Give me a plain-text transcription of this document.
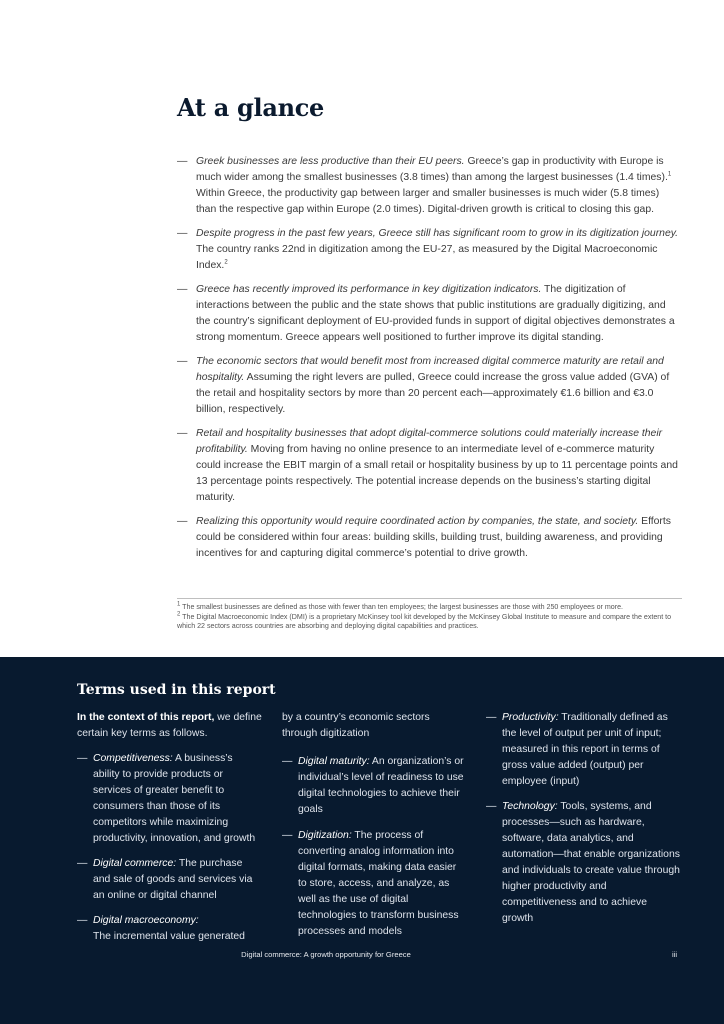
At a glance
— Greek businesses are less productive than their EU peers. Greece’s gap in productivity with Europe is much wider among the smallest businesses (3.8 times) than among the largest businesses (1.4 times).$^1$ Within Greece, the productivity gap between larger and smaller businesses is much wider (5.8 times) than the respective gap within Europe (2.0 times). Digital-driven growth is critical to closing this gap.
— Despite progress in the past few years, Greece still has significant room to grow in its digitization journey. The country ranks 22nd in digitization among the EU-27, as measured by the Digital Macroeconomic Index.$^2$
— Greece has recently improved its performance in key digitization indicators. The digitization of interactions between the public and the state shows that public institutions are gradually digitizing, and the country’s significant deployment of EU-provided funds in support of digital objectives demonstrates a strong momentum. Greece appears well positioned to further improve its digital standing.
— The economic sectors that would benefit most from increased digital commerce maturity are retail and hospitality. Assuming the right levers are pulled, Greece could increase the gross value added (GVA) of the retail and hospitality sectors by more than 20 percent each—approximately €1.6 billion and €3.0 billion, respectively.
— Retail and hospitality businesses that adopt digital-commerce solutions could materially increase their profitability. Moving from having no online presence to an intermediate level of e-commerce maturity could increase the EBIT margin of a small retail or hospitality business by up to 11 percentage points and 13 percentage points respectively. The potential increase depends on the business’s starting digital maturity.
— Realizing this opportunity would require coordinated action by companies, the state, and society. Efforts could be considered within four areas: building skills, building trust, building awareness, and providing incentives for and capturing digital commerce’s potential to drive growth.

$^1$ The smallest businesses are defined as those with fewer than ten employees; the largest businesses are those with 250 employees or more.

$^2$ The Digital Macroeconomic Index (DMI) is a proprietary McKinsey tool kit developed by the McKinsey Global Institute to measure and compare the extent to which 22 sectors across countries are absorbing and deploying digital capabilities and practices.

Terms used in this report

In the context of this report, we define certain key terms as follows.

— Competitiveness: A business’s ability to provide products or services of greater benefit to consumers than those of its competitors while maximizing productivity, innovation, and growth
— Digital commerce: The purchase and sale of goods and services via an online or digital channel
— Digital macroeconomy:
The incremental value generated

by a country’s economic sectors through digitization

— Digital maturity: An organization’s or individual’s level of readiness to use digital technologies to achieve their goals
— Digitization: The process of converting analog information into digital formats, making data easier to store, access, and analyze, as well as the use of digital technologies to transform business processes and models
— Productivity: Traditionally defined as the level of output per unit of input; measured in this report in terms of gross value added (output) per employee (input)
— Technology: Tools, systems, and processes—such as hardware, software, data analytics, and automation—that enable organizations and individuals to create value through higher productivity and competitiveness and to achieve growth
Digital commerce: A growth opportunity for Greece	iii
